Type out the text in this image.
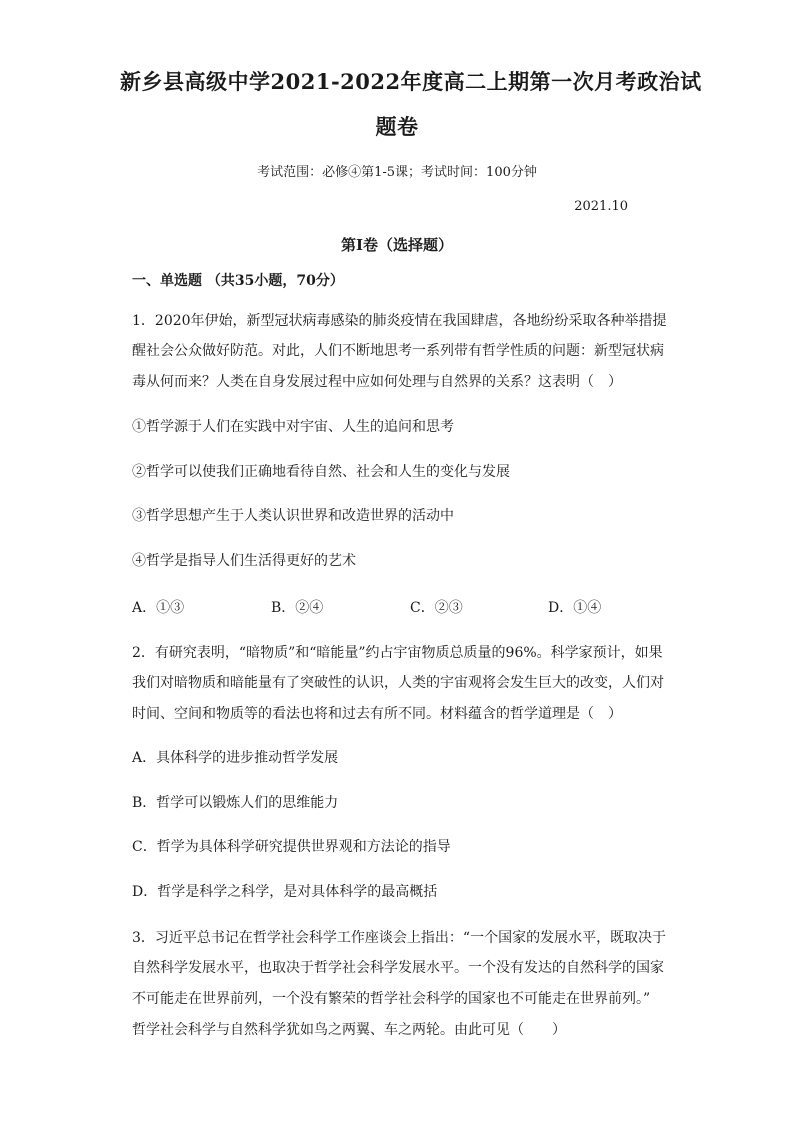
新乡县高级中学2021-2022年度高二上期第一次月考政治试
题卷
考试范围：必修④第1-5课；考试时间：100分钟
2021.10
第I卷（选择题）
一、单选题 （共35小题，70分）
1．2020年伊始，新型冠状病毒感染的肺炎疫情在我国肆虐，各地纷纷采取各种举措提
醒社会公众做好防范。对此，人们不断地思考一系列带有哲学性质的问题：新型冠状病
毒从何而来？人类在自身发展过程中应如何处理与自然界的关系？这表明（　）
①哲学源于人们在实践中对宇宙、人生的追问和思考
②哲学可以使我们正确地看待自然、社会和人生的变化与发展
③哲学思想产生于人类认识世界和改造世界的活动中
④哲学是指导人们生活得更好的艺术
A．①③	B．②④	C．②③	D．①④
2．有研究表明，“暗物质”和“暗能量”约占宇宙物质总质量的96%。科学家预计，如果
我们对暗物质和暗能量有了突破性的认识，人类的宇宙观将会发生巨大的改变，人们对
时间、空间和物质等的看法也将和过去有所不同。材料蕴含的哲学道理是（　）
A．具体科学的进步推动哲学发展
B．哲学可以锻炼人们的思维能力
C．哲学为具体科学研究提供世界观和方法论的指导
D．哲学是科学之科学，是对具体科学的最高概括
3．习近平总书记在哲学社会科学工作座谈会上指出：“一个国家的发展水平，既取决于
自然科学发展水平，也取决于哲学社会科学发展水平。一个没有发达的自然科学的国家
不可能走在世界前列，一个没有繁荣的哲学社会科学的国家也不可能走在世界前列。”
哲学社会科学与自然科学犹如鸟之两翼、车之两轮。由此可见（　　）
